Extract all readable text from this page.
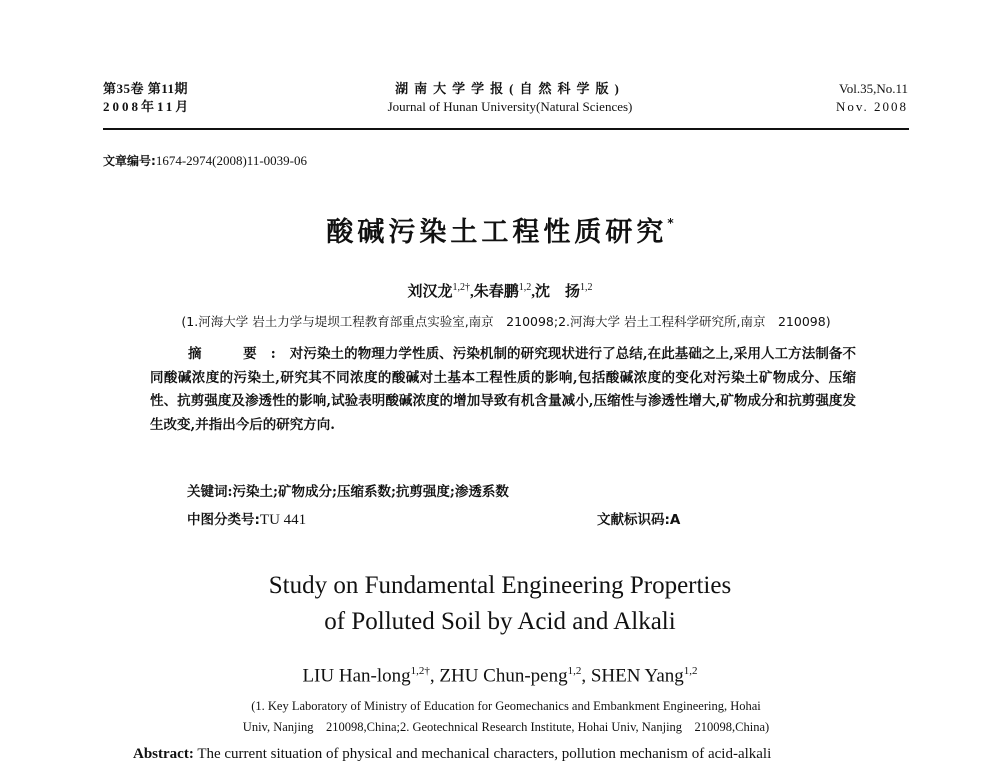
第35卷 第11期
2008年11月
湖南大学学报(自然科学版)
Journal of Hunan University(Natural Sciences)
Vol.35,No.11
Nov. 2008
文章编号:1674-2974(2008)11-0039-06
酸碱污染土工程性质研究*
刘汉龙$^{1,2\dagger}$,朱春鹏$^{1,2}$,沈　扬$^{1,2}$
(1.河海大学 岩土力学与堤坝工程教育部重点实验室,南京　210098;2.河海大学 岩土工程科学研究所,南京　210098)
摘　要:对污染土的物理力学性质、污染机制的研究现状进行了总结,在此基础之上,采用人工方法制备不同酸碱浓度的污染土,研究其不同浓度的酸碱对土基本工程性质的影响,包括酸碱浓度的变化对污染土矿物成分、压缩性、抗剪强度及渗透性的影响,试验表明酸碱浓度的增加导致有机含量减小,压缩性与渗透性增大,矿物成分和抗剪强度发生改变,并指出今后的研究方向.
关键词:污染土;矿物成分;压缩系数;抗剪强度;渗透系数
中图分类号:TU 441	文献标识码:A
Study on Fundamental Engineering Properties
of Polluted Soil by Acid and Alkali
LIU Han-long$^{1,2\dagger}$, ZHU Chun-peng$^{1,2}$, SHEN Yang$^{1,2}$
(1. Key Laboratory of Ministry of Education for Geomechanics and Embankment Engineering, Hohai
Univ, Nanjing　210098,China;2. Geotechnical Research Institute, Hohai Univ, Nanjing　210098,China)
Abstract: The current situation of physical and mechanical characters, pollution mechanism of acid-alkali
